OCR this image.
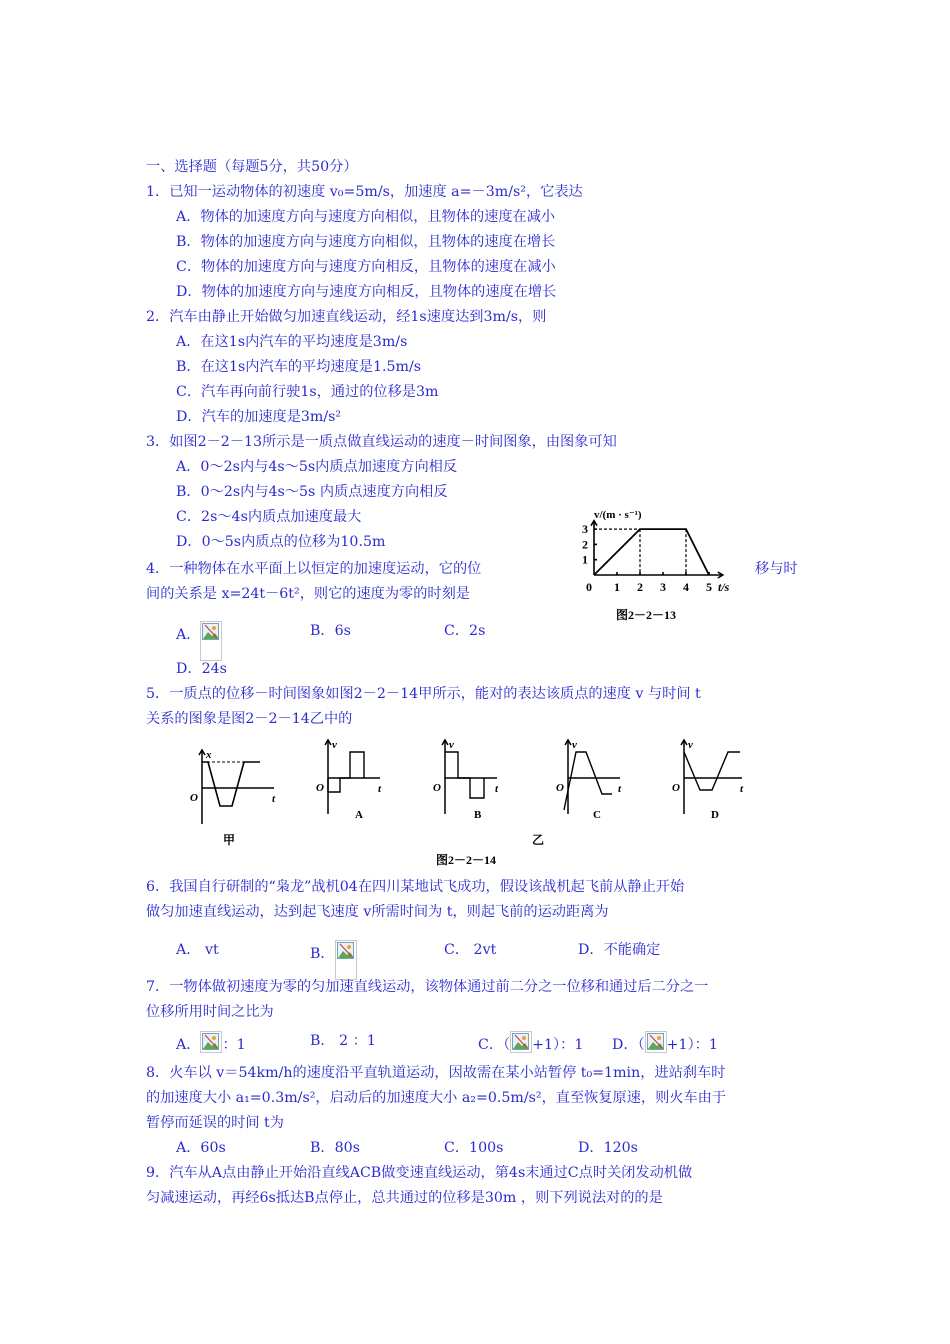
一、选择题（每题5分，共50分）
1．已知一运动物体的初速度 v₀=5m/s，加速度 a=－3m/s²，它表达
A．物体的加速度方向与速度方向相似，且物体的速度在减小
B．物体的加速度方向与速度方向相似，且物体的速度在增长
C．物体的加速度方向与速度方向相反，且物体的速度在减小
D．物体的加速度方向与速度方向相反，且物体的速度在增长
2．汽车由静止开始做匀加速直线运动，经1s速度达到3m/s，则
A．在这1s内汽车的平均速度是3m/s
B．在这1s内汽车的平均速度是1.5m/s
C．汽车再向前行驶1s，通过的位移是3m
D．汽车的加速度是3m/s²
3．如图2－2－13所示是一质点做直线运动的速度－时间图象，由图象可知
A．0～2s内与4s～5s内质点加速度方向相反
B．0～2s内与4s～5s 内质点速度方向相反
C．2s～4s内质点加速度最大
D．0～5s内质点的位移为10.5m
v/(m · s⁻¹)
t/s
0
图2－2－13
1 2 3 4 5
1
2
3
4．一种物体在水平面上以恒定的加速度运动，它的位	移与时
间的关系是 x=24t－6t²，则它的速度为零的时刻是
A．	B．6s	C．2s
D．24s
5．一质点的位移－时间图象如图2－2－14甲所示，能对的表达该质点的速度 v 与时间 t
关系的图象是图2－2－14乙中的
x
t
O
v
t
O
v
t
O
v
t
O
v
t
O
A	B	C	D
甲	乙
图2－2－14
6．我国自行研制的“枭龙”战机04在四川某地试飞成功，假设该战机起飞前从静止开始
做匀加速直线运动，达到起飞速度 v所需时间为 t，则起飞前的运动距离为
A． vt	B．	C． 2vt	D．不能确定
7．一物体做初速度为零的匀加速直线运动，该物体通过前二分之一位移和通过后二分之一
位移所用时间之比为
A． ：1	B． 2 ：1	C．（ +1）：1 D．（ +1）：1
8．火车以 v＝54km/h的速度沿平直轨道运动，因故需在某小站暂停 t₀=1min，进站刹车时
的加速度大小 a₁=0.3m/s²，启动后的加速度大小 a₂=0.5m/s²，直至恢复原速，则火车由于
暂停而延误的时间 t为
A．60s	B．80s	C．100s	D．120s
9．汽车从A点由静止开始沿直线ACB做变速直线运动，第4s末通过C点时关闭发动机做
匀减速运动，再经6s抵达B点停止，总共通过的位移是30m ，则下列说法对的的是
